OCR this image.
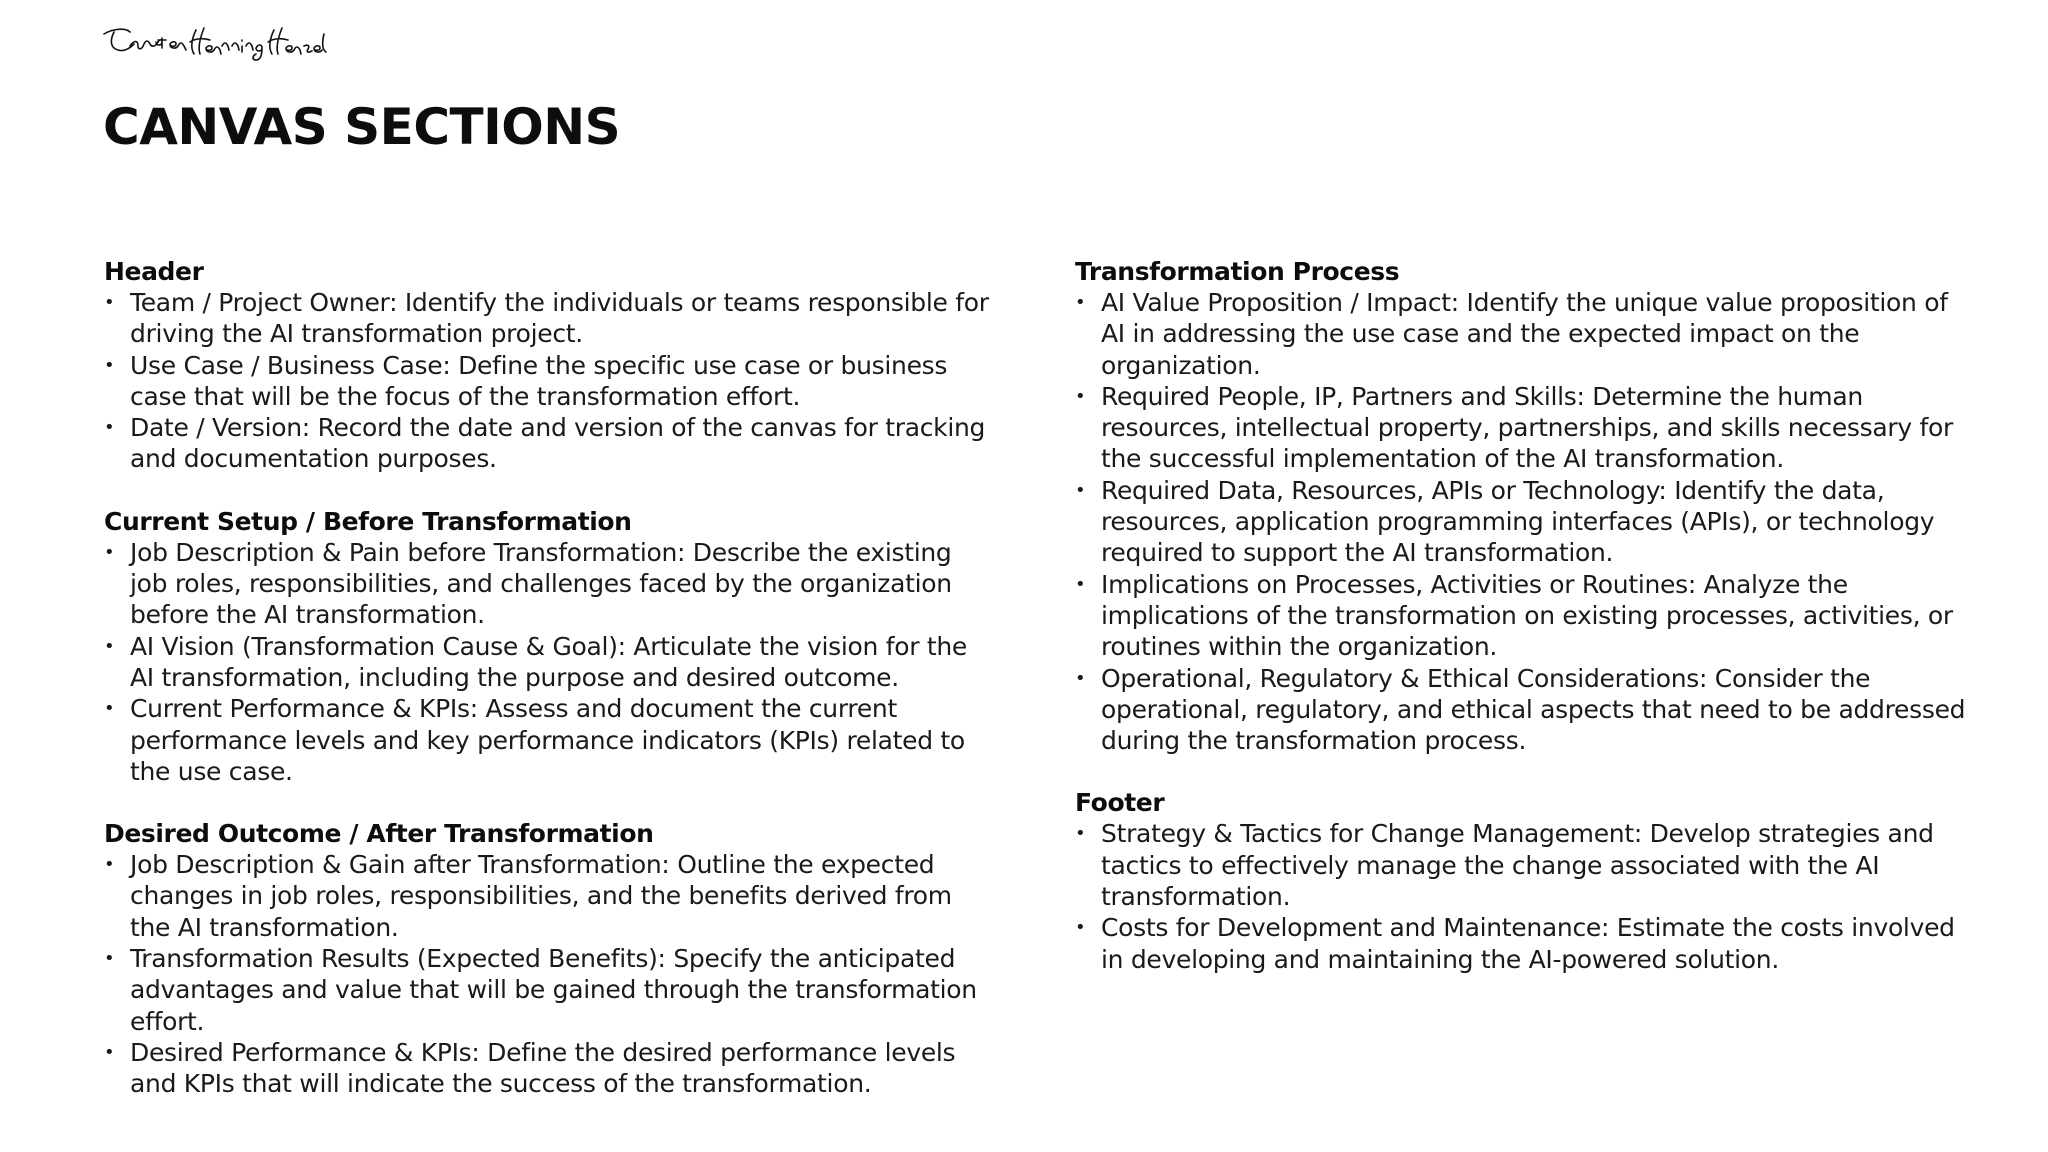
CANVAS SECTIONS
Header
• Team / Project Owner: Identify the individuals or teams responsible for driving the AI transformation project.
• Use Case / Business Case: Define the specific use case or business case that will be the focus of the transformation effort.
• Date / Version: Record the date and version of the canvas for tracking and documentation purposes.
Current Setup / Before Transformation
• Job Description & Pain before Transformation: Describe the existing job roles, responsibilities, and challenges faced by the organization before the AI transformation.
• AI Vision (Transformation Cause & Goal): Articulate the vision for the AI transformation, including the purpose and desired outcome.
• Current Performance & KPIs: Assess and document the current performance levels and key performance indicators (KPIs) related to the use case.
Desired Outcome / After Transformation
• Job Description & Gain after Transformation: Outline the expected changes in job roles, responsibilities, and the benefits derived from the AI transformation.
• Transformation Results (Expected Benefits): Specify the anticipated advantages and value that will be gained through the transformation effort.
• Desired Performance & KPIs: Define the desired performance levels and KPIs that will indicate the success of the transformation.
Transformation Process
• AI Value Proposition / Impact: Identify the unique value proposition of AI in addressing the use case and the expected impact on the organization.
• Required People, IP, Partners and Skills: Determine the human resources, intellectual property, partnerships, and skills necessary for the successful implementation of the AI transformation.
• Required Data, Resources, APIs or Technology: Identify the data, resources, application programming interfaces (APIs), or technology required to support the AI transformation.
• Implications on Processes, Activities or Routines: Analyze the implications of the transformation on existing processes, activities, or routines within the organization.
• Operational, Regulatory & Ethical Considerations: Consider the operational, regulatory, and ethical aspects that need to be addressed during the transformation process.
Footer
• Strategy & Tactics for Change Management: Develop strategies and tactics to effectively manage the change associated with the AI transformation.
• Costs for Development and Maintenance: Estimate the costs involved in developing and maintaining the AI-powered solution.
